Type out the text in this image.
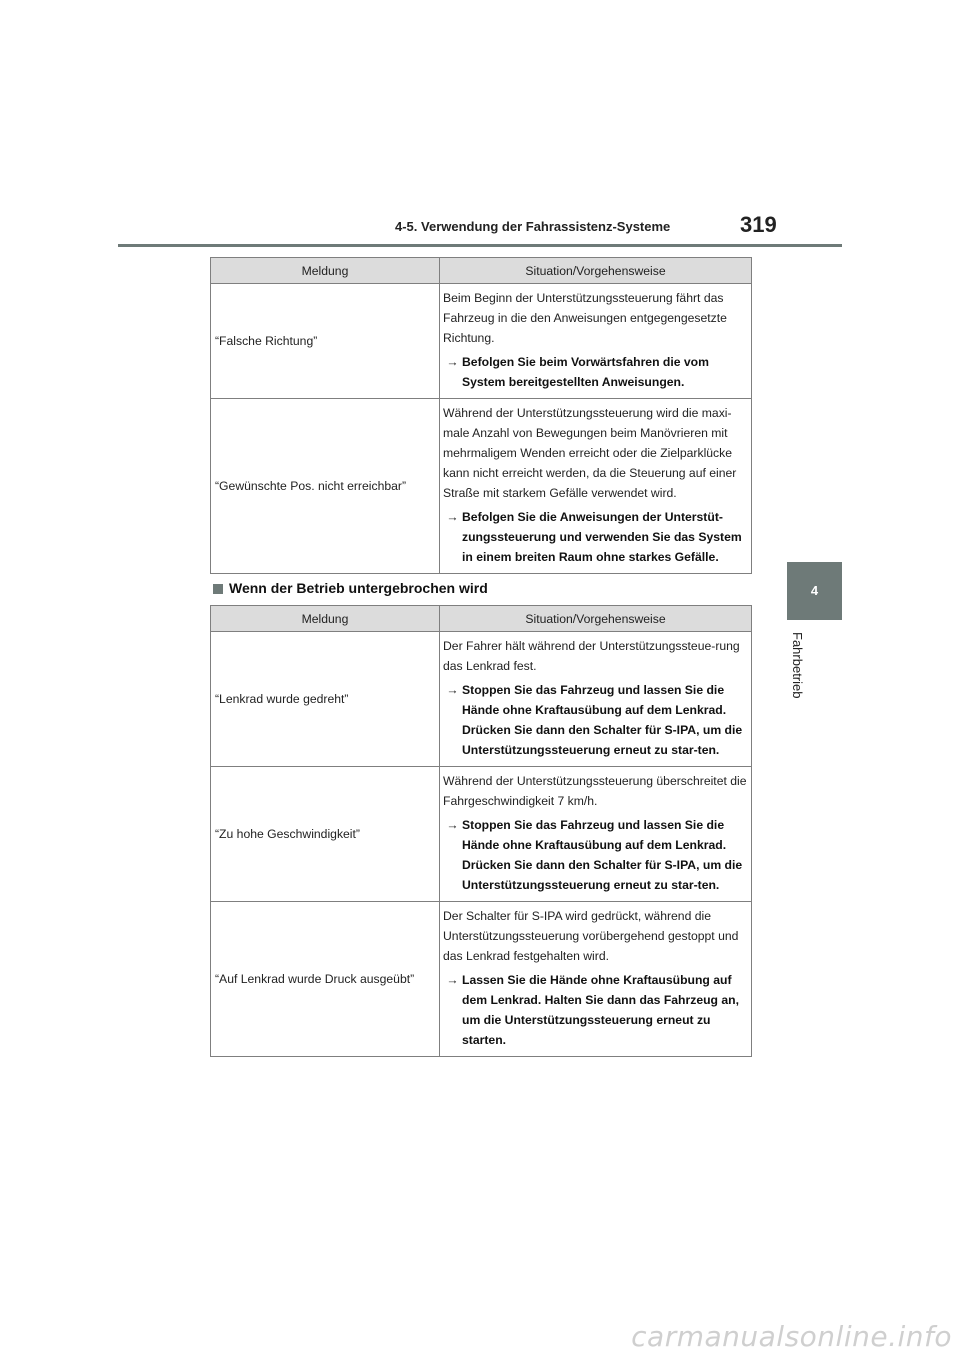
4-5. Verwendung der Fahrassistenz-Systeme	319
4
Fahrbetrieb
Meldung	Situation/Vorgehensweise
“Falsche Richtung”	Beim Beginn der Unterstützungssteuerung fährt das Fahrzeug in die den Anweisungen entgegengesetzte Richtung.
→ Befolgen Sie beim Vorwärtsfahren die vom System bereitgestellten Anweisungen.

“Gewünschte Pos. nicht erreichbar”	Während der Unterstützungssteuerung wird die maxi-male Anzahl von Bewegungen beim Manövrieren mit mehrmaligem Wenden erreicht oder die Zielparklücke kann nicht erreicht werden, da die Steuerung auf einer Straße mit starkem Gefälle verwendet wird.
→ Befolgen Sie die Anweisungen der Unterstüt-zungssteuerung und verwenden Sie das System in einem breiten Raum ohne starkes Gefälle.
Wenn der Betrieb untergebrochen wird
Meldung	Situation/Vorgehensweise
“Lenkrad wurde gedreht”	Der Fahrer hält während der Unterstützungssteue-rung das Lenkrad fest.
→ Stoppen Sie das Fahrzeug und lassen Sie die Hände ohne Kraftausübung auf dem Lenkrad. Drücken Sie dann den Schalter für S-IPA, um die Unterstützungssteuerung erneut zu star-ten.

“Zu hohe Geschwindigkeit”	Während der Unterstützungssteuerung überschreitet die Fahrgeschwindigkeit 7 km/h.
→ Stoppen Sie das Fahrzeug und lassen Sie die Hände ohne Kraftausübung auf dem Lenkrad. Drücken Sie dann den Schalter für S-IPA, um die Unterstützungssteuerung erneut zu star-ten.

“Auf Lenkrad wurde Druck ausgeübt”	Der Schalter für S-IPA wird gedrückt, während die Unterstützungssteuerung vorübergehend gestoppt und das Lenkrad festgehalten wird.
→ Lassen Sie die Hände ohne Kraftausübung auf dem Lenkrad. Halten Sie dann das Fahrzeug an, um die Unterstützungssteuerung erneut zu starten.
carmanualsonline.info
